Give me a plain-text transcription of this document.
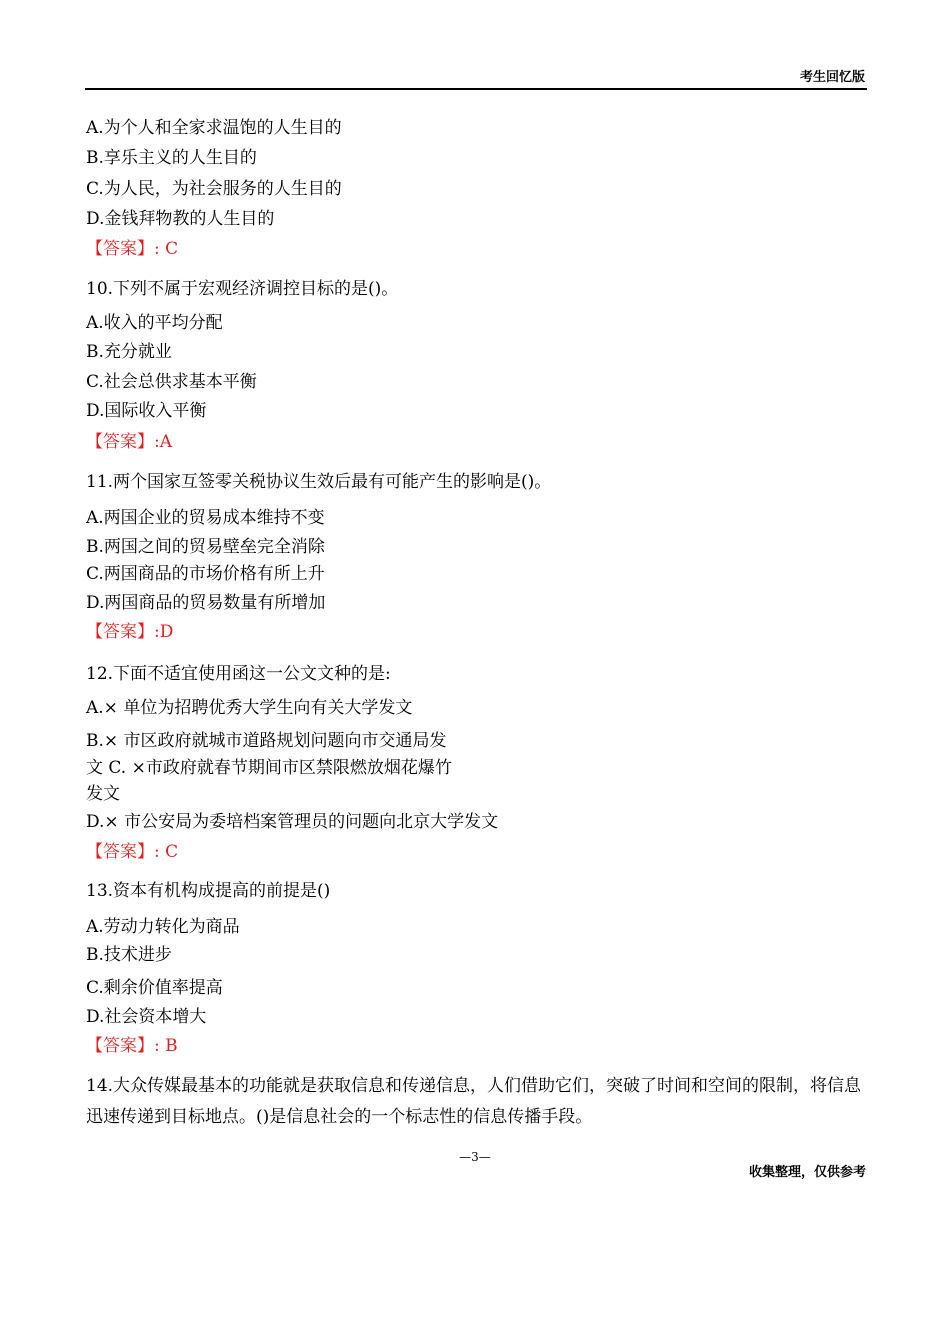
考生回忆版
A.为个人和全家求温饱的人生目的
B.享乐主义的人生目的
C.为人民，为社会服务的人生目的
D.金钱拜物教的人生目的
【答案】: C
10.下列不属于宏观经济调控目标的是()。
A.收入的平均分配
B.充分就业
C.社会总供求基本平衡
D.国际收入平衡
【答案】:A
11.两个国家互签零关税协议生效后最有可能产生的影响是()。
A.两国企业的贸易成本维持不变
B.两国之间的贸易壁垒完全消除
C.两国商品的市场价格有所上升
D.两国商品的贸易数量有所增加
【答案】:D
12.下面不适宜使用函这一公文文种的是:
A.× 单位为招聘优秀大学生向有关大学发文
B.× 市区政府就城市道路规划问题向市交通局发
文 C. ×市政府就春节期间市区禁限燃放烟花爆竹
发文
D.× 市公安局为委培档案管理员的问题向北京大学发文
【答案】: C
13.资本有机构成提高的前提是()
A.劳动力转化为商品
B.技术进步
C.剩余价值率提高
D.社会资本增大
【答案】: B
14.大众传媒最基本的功能就是获取信息和传递信息，人们借助它们，突破了时间和空间的限制，将信息迅速传递到目标地点。()是信息社会的一个标志性的信息传播手段。
—3—
收集整理，仅供参考
